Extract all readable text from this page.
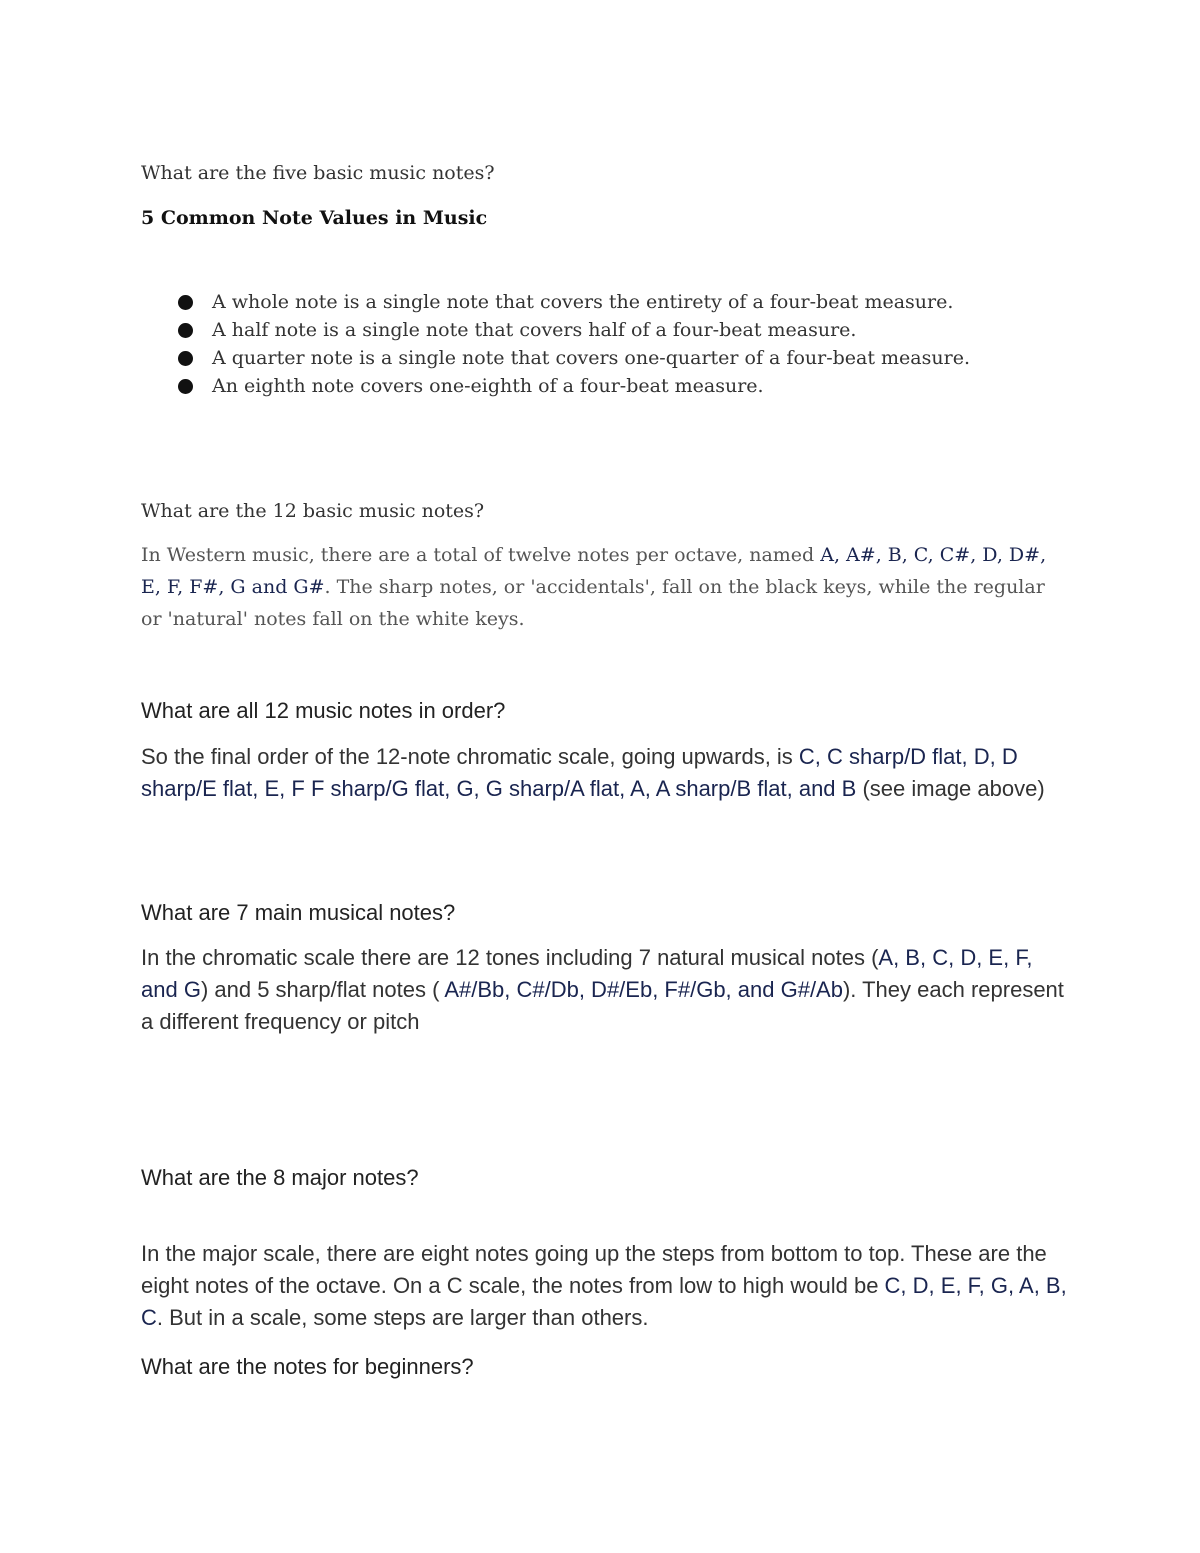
What are the five basic music notes?

5 Common Note Values in Music

A whole note is a single note that covers the entirety of a four-beat measure.
A half note is a single note that covers half of a four-beat measure.
A quarter note is a single note that covers one-quarter of a four-beat measure.
An eighth note covers one-eighth of a four-beat measure.

What are the 12 basic music notes?

In Western music, there are a total of twelve notes per octave, named A, A#, B, C, C#, D, D#, E, F, F#, G and G#. The sharp notes, or 'accidentals', fall on the black keys, while the regular or 'natural' notes fall on the white keys.

What are all 12 music notes in order?

So the final order of the 12-note chromatic scale, going upwards, is C, C sharp/D flat, D, D sharp/E flat, E, F F sharp/G flat, G, G sharp/A flat, A, A sharp/B flat, and B (see image above)

What are 7 main musical notes?

In the chromatic scale there are 12 tones including 7 natural musical notes (A, B, C, D, E, F, and G) and 5 sharp/flat notes ( A#/Bb, C#/Db, D#/Eb, F#/Gb, and G#/Ab). They each represent a different frequency or pitch

What are the 8 major notes?

In the major scale, there are eight notes going up the steps from bottom to top. These are the eight notes of the octave. On a C scale, the notes from low to high would be C, D, E, F, G, A, B, C. But in a scale, some steps are larger than others.

What are the notes for beginners?
